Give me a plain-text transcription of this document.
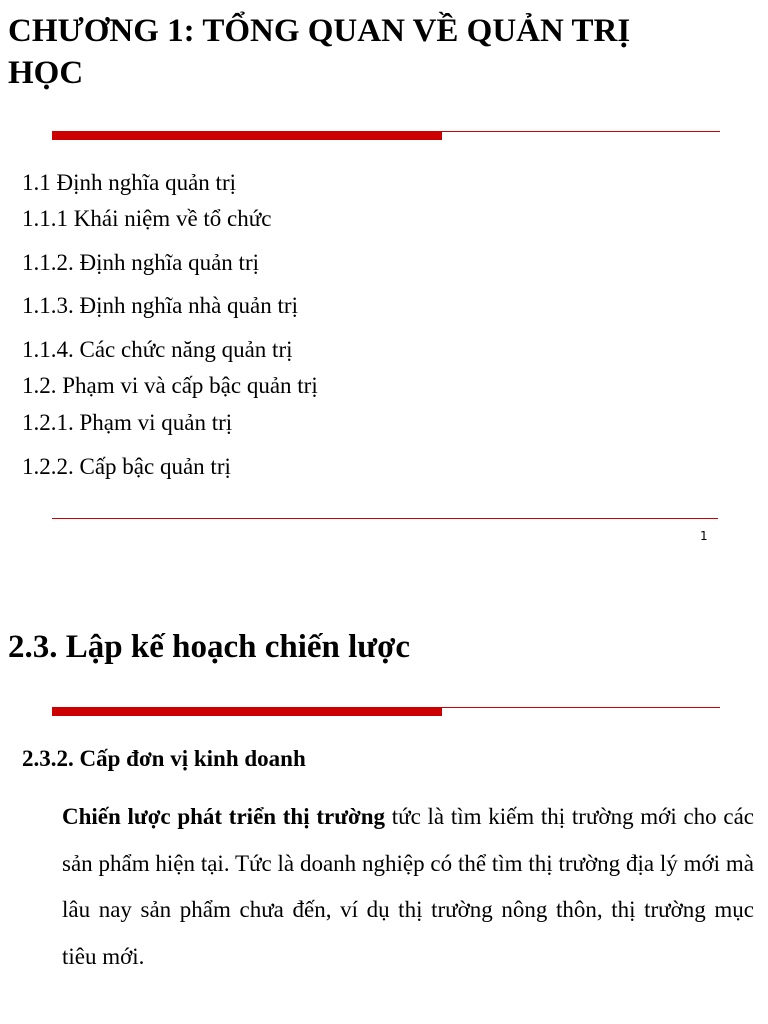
CHƯƠNG 1: TỔNG QUAN VỀ QUẢN TRỊ HỌC
1.1 Định nghĩa quản trị
1.1.1 Khái niệm về tổ chức
1.1.2. Định nghĩa quản trị
1.1.3. Định nghĩa nhà quản trị
1.1.4. Các chức năng quản trị
1.2. Phạm vi và cấp bậc quản trị
1.2.1. Phạm vi quản trị
1.2.2. Cấp bậc quản trị
1
2.3. Lập kế hoạch chiến lược
2.3.2. Cấp đơn vị kinh doanh

Chiến lược phát triển thị trường tức là tìm kiếm thị trường mới cho các sản phẩm hiện tại. Tức là doanh nghiệp có thể tìm thị trường địa lý mới mà lâu nay sản phẩm chưa đến, ví dụ thị trường nông thôn, thị trường mục tiêu mới.
